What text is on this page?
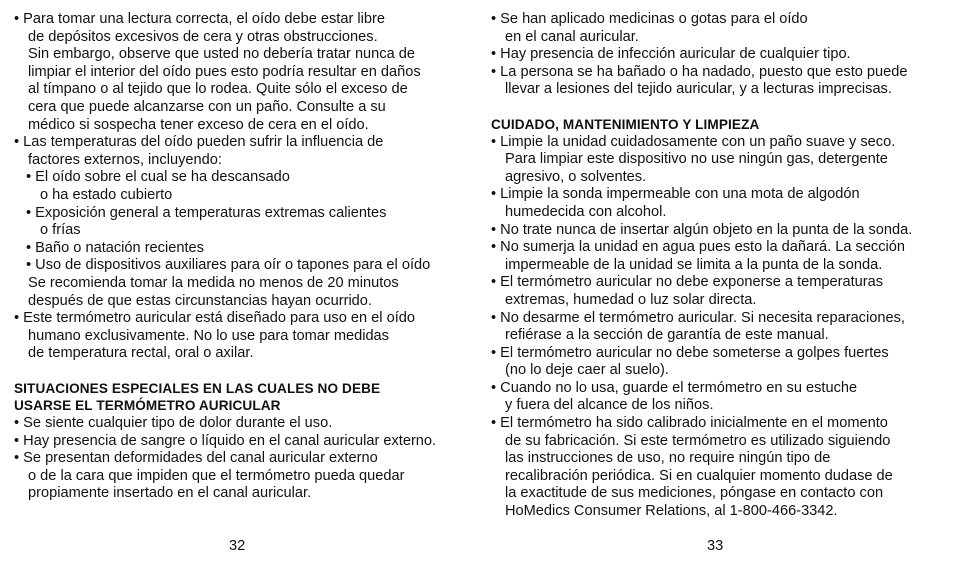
• Para tomar una lectura correcta, el oído debe estar libre
de depósitos excesivos de cera y otras obstrucciones.
Sin embargo, observe que usted no debería tratar nunca de
limpiar el interior del oído pues esto podría resultar en daños
al tímpano o al tejido que lo rodea. Quite sólo el exceso de
cera que puede alcanzarse con un paño. Consulte a su
médico si sospecha tener exceso de cera en el oído.
• Las temperaturas del oído pueden sufrir la influencia de
factores externos, incluyendo:
• El oído sobre el cual se ha descansado
o ha estado cubierto
• Exposición general a temperaturas extremas calientes
o frías
• Baño o natación recientes
• Uso de dispositivos auxiliares para oír o tapones para el oído
Se recomienda tomar la medida no menos de 20 minutos
después de que estas circunstancias hayan ocurrido.
• Este termómetro auricular está diseñado para uso en el oído
humano exclusivamente. No lo use para tomar medidas
de temperatura rectal, oral o axilar.
SITUACIONES ESPECIALES EN LAS CUALES NO DEBE
USARSE EL TERMÓMETRO AURICULAR
• Se siente cualquier tipo de dolor durante el uso.
• Hay presencia de sangre o líquido en el canal auricular externo.
• Se presentan deformidades del canal auricular externo
o de la cara que impiden que el termómetro pueda quedar
propiamente insertado en el canal auricular.
• Se han aplicado medicinas o gotas para el oído
en el canal auricular.
• Hay presencia de infección auricular de cualquier tipo.
• La persona se ha bañado o ha nadado, puesto que esto puede
llevar a lesiones del tejido auricular, y a lecturas imprecisas.
CUIDADO, MANTENIMIENTO Y LIMPIEZA
• Limpie la unidad cuidadosamente con un paño suave y seco.
Para limpiar este dispositivo no use ningún gas, detergente
agresivo, o solventes.
• Limpie la sonda impermeable con una mota de algodón
humedecida con alcohol.
• No trate nunca de insertar algún objeto en la punta de la sonda.
• No sumerja la unidad en agua pues esto la dañará. La sección
impermeable de la unidad se limita a la punta de la sonda.
• El termómetro auricular no debe exponerse a temperaturas
extremas, humedad o luz solar directa.
• No desarme el termómetro auricular. Si necesita reparaciones,
refiérase a la sección de garantía de este manual.
• El termómetro auricular no debe someterse a golpes fuertes
(no lo deje caer al suelo).
• Cuando no lo usa, guarde el termómetro en su estuche
y fuera del alcance de los niños.
• El termómetro ha sido calibrado inicialmente en el momento
de su fabricación. Si este termómetro es utilizado siguiendo
las instrucciones de uso, no require ningún tipo de
recalibración periódica. Si en cualquier momento dudase de
la exactitude de sus mediciones, póngase en contacto con
HoMedics Consumer Relations, al 1-800-466-3342.
32	33
